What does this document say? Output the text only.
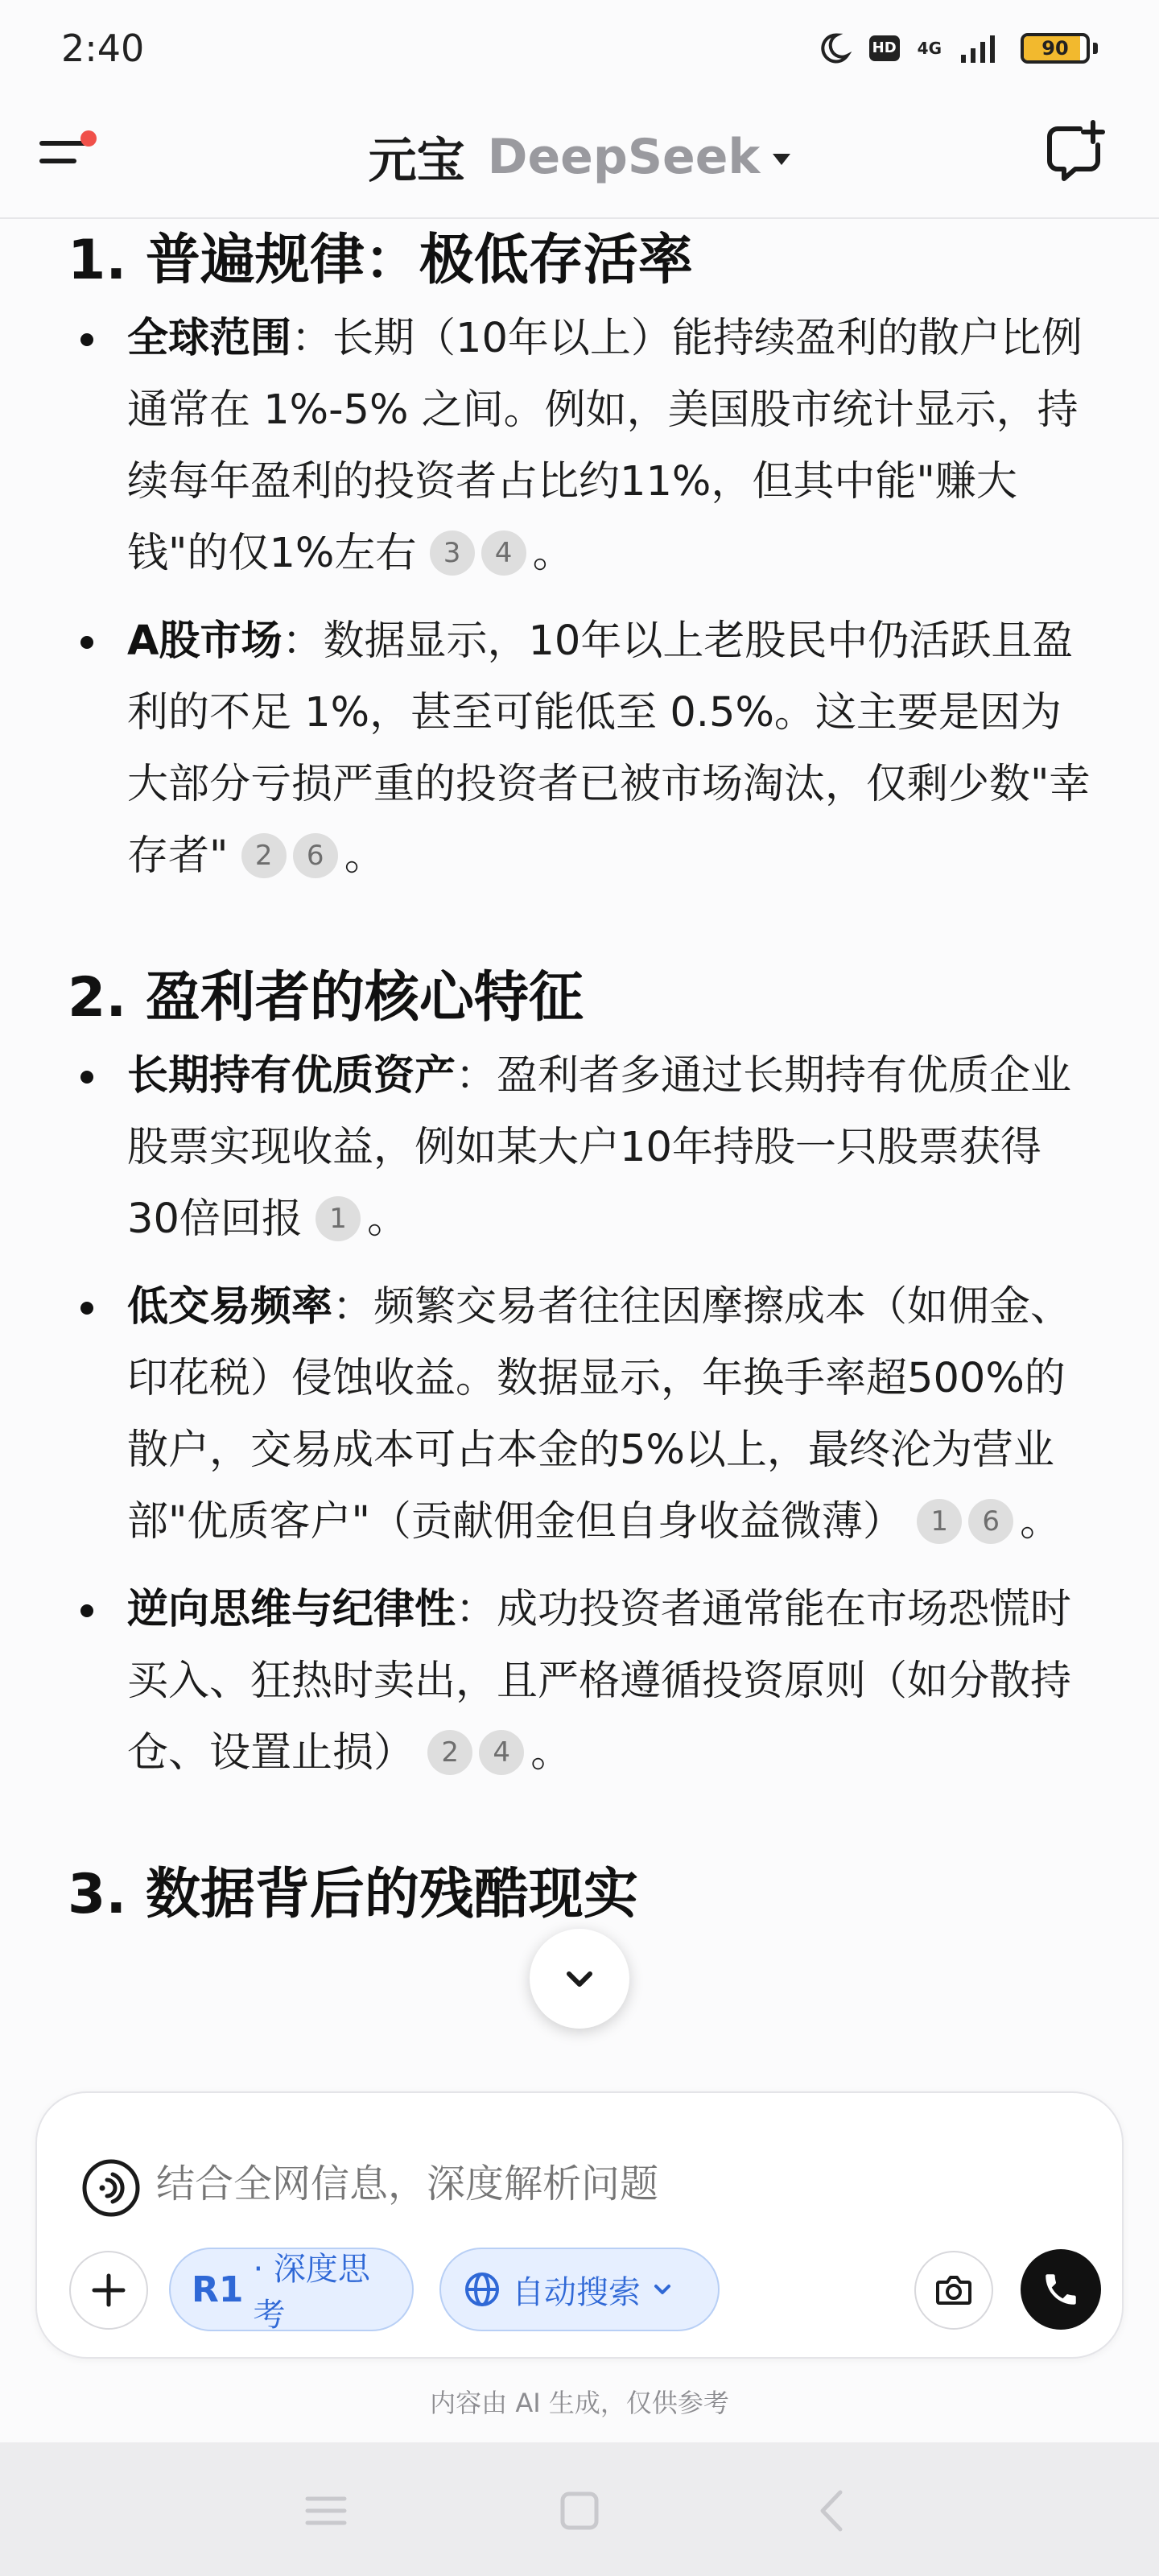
2:40	HD 4G	90
元宝 DeepSeek
1. 普遍规律：极低存活率
全球范围：长期（10年以上）能持续盈利的散户比例通常在 1%-5% 之间。例如，美国股市统计显示，持续每年盈利的投资者占比约11%，但其中能"赚大钱"的仅1%左右 3 4 。
A股市场：数据显示，10年以上老股民中仍活跃且盈利的不足 1%，甚至可能低至 0.5%。这主要是因为大部分亏损严重的投资者已被市场淘汰，仅剩少数"幸存者" 2 6 。
2. 盈利者的核心特征
长期持有优质资产：盈利者多通过长期持有优质企业股票实现收益，例如某大户10年持股一只股票获得30倍回报 1 。
低交易频率：频繁交易者往往因摩擦成本（如佣金、印花税）侵蚀收益。数据显示，年换手率超500%的散户，交易成本可占本金的5%以上，最终沦为营业部"优质客户"（贡献佣金但自身收益微薄） 1 6 。
逆向思维与纪律性：成功投资者通常能在市场恐慌时买入、狂热时卖出，且严格遵循投资原则（如分散持仓、设置止损） 2 4 。
3. 数据背后的残酷现实
结合全网信息，深度解析问题
R1 · 深度思考
自动搜索
内容由 AI 生成，仅供参考
